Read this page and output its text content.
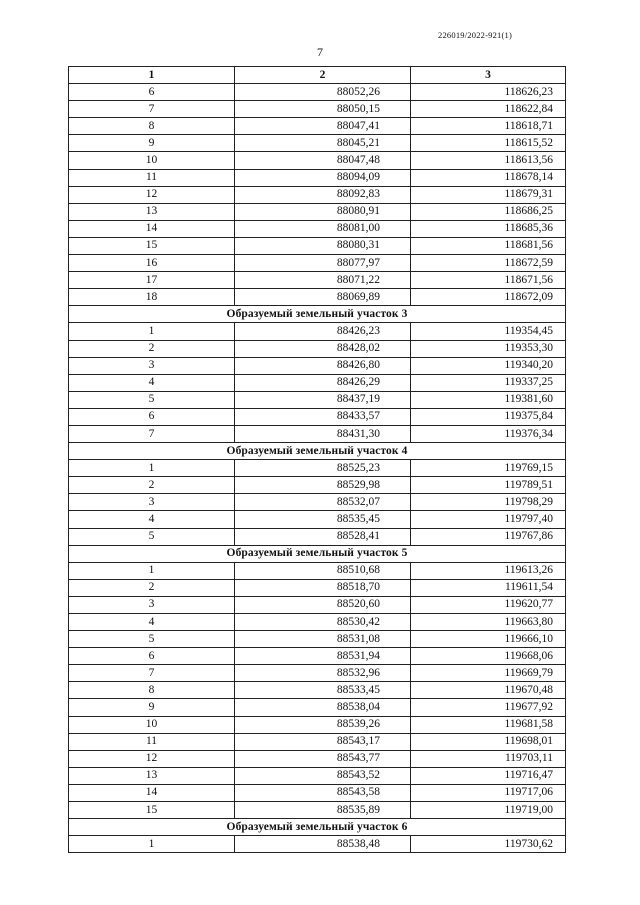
226019/2022-921(1)
7
1	2	3
6	88052,26	118626,23
7	88050,15	118622,84
8	88047,41	118618,71
9	88045,21	118615,52
10	88047,48	118613,56
11	88094,09	118678,14
12	88092,83	118679,31
13	88080,91	118686,25
14	88081,00	118685,36
15	88080,31	118681,56
16	88077,97	118672,59
17	88071,22	118671,56
18	88069,89	118672,09
Образуемый земельный участок 3		
1	88426,23	119354,45
2	88428,02	119353,30
3	88426,80	119340,20
4	88426,29	119337,25
5	88437,19	119381,60
6	88433,57	119375,84
7	88431,30	119376,34
Образуемый земельный участок 4		
1	88525,23	119769,15
2	88529,98	119789,51
3	88532,07	119798,29
4	88535,45	119797,40
5	88528,41	119767,86
Образуемый земельный участок 5		
1	88510,68	119613,26
2	88518,70	119611,54
3	88520,60	119620,77
4	88530,42	119663,80
5	88531,08	119666,10
6	88531,94	119668,06
7	88532,96	119669,79
8	88533,45	119670,48
9	88538,04	119677,92
10	88539,26	119681,58
11	88543,17	119698,01
12	88543,77	119703,11
13	88543,52	119716,47
14	88543,58	119717,06
15	88535,89	119719,00
Образуемый земельный участок 6		
1	88538,48	119730,62
